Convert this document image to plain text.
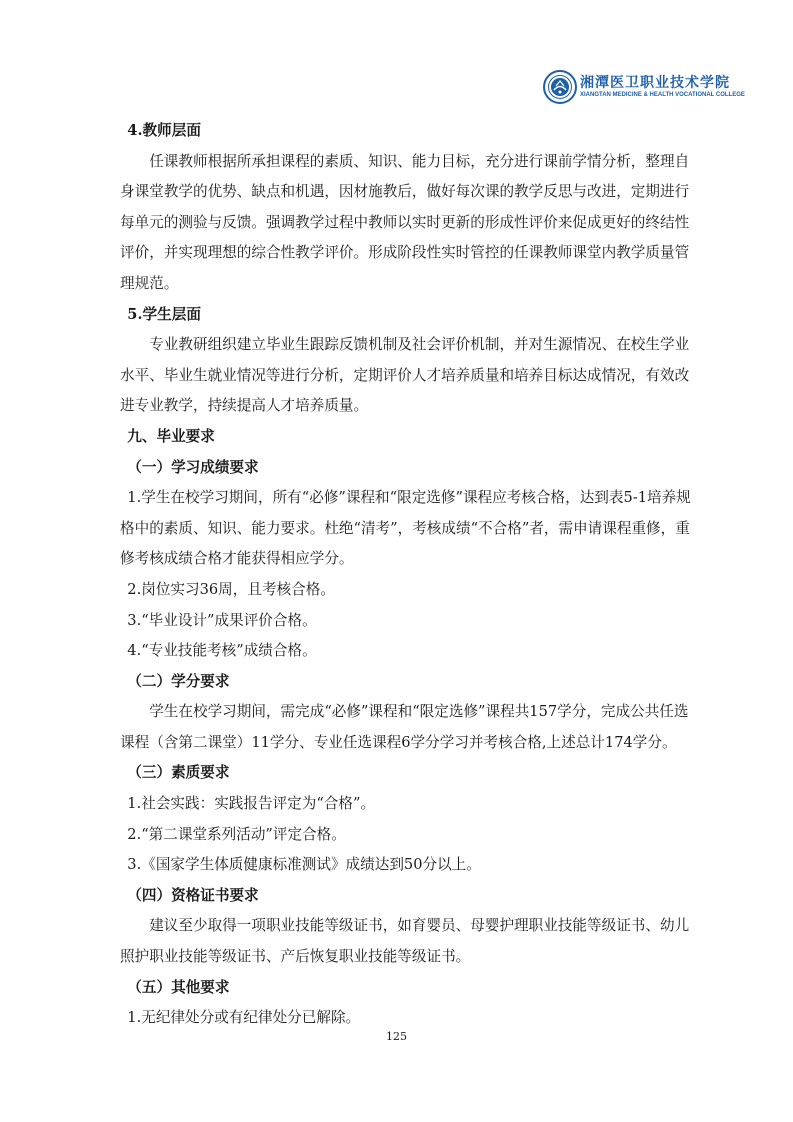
湘潭医卫职业技术学院
XIANGTAN MEDICINE & HEALTH VOCATIONAL COLLEGE

4.教师层面

任课教师根据所承担课程的素质、知识、能力目标，充分进行课前学情分析，整理自身课堂教学的优势、缺点和机遇，因材施教后，做好每次课的教学反思与改进，定期进行每单元的测验与反馈。强调教学过程中教师以实时更新的形成性评价来促成更好的终结性评价，并实现理想的综合性教学评价。形成阶段性实时管控的任课教师课堂内教学质量管理规范。

5.学生层面

专业教研组织建立毕业生跟踪反馈机制及社会评价机制，并对生源情况、在校生学业水平、毕业生就业情况等进行分析，定期评价人才培养质量和培养目标达成情况，有效改进专业教学，持续提高人才培养质量。

九、毕业要求

（一）学习成绩要求

1.学生在校学习期间，所有“必修”课程和“限定选修”课程应考核合格，达到表5-1培养规格中的素质、知识、能力要求。杜绝“清考”，考核成绩“不合格”者，需申请课程重修，重修考核成绩合格才能获得相应学分。

2.岗位实习36周，且考核合格。

3.“毕业设计”成果评价合格。

4.“专业技能考核”成绩合格。

（二）学分要求

学生在校学习期间，需完成“必修”课程和“限定选修”课程共157学分，完成公共任选课程（含第二课堂）11学分、专业任选课程6学分学习并考核合格,上述总计174学分。

（三）素质要求

1.社会实践：实践报告评定为“合格”。

2.“第二课堂系列活动”评定合格。

3.《国家学生体质健康标准测试》成绩达到50分以上。

（四）资格证书要求

建议至少取得一项职业技能等级证书，如育婴员、母婴护理职业技能等级证书、幼儿照护职业技能等级证书、产后恢复职业技能等级证书。

（五）其他要求

1.无纪律处分或有纪律处分已解除。

125
